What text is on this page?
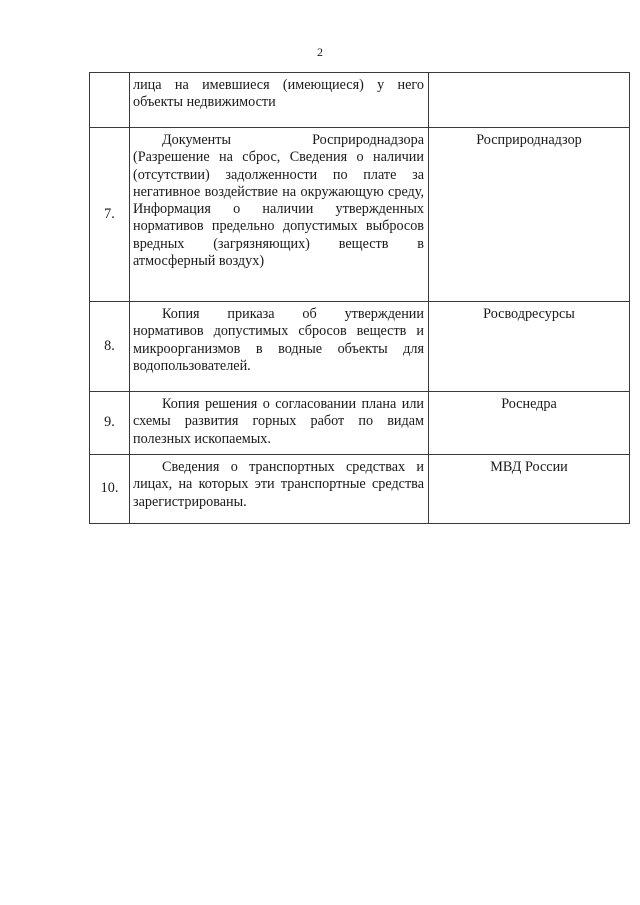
2

	лица на имевшиеся (имеющиеся) у него объекты недвижимости	

7.	Документы Росприроднадзора (Разрешение на сброс, Сведения о наличии (отсутствии) задолженности по плате за негативное воздействие на окружающую среду, Информация о наличии утвержденных нормативов предельно допустимых выбросов вредных (загрязняющих) веществ в атмосферный воздух)	Росприроднадзор
8.	Копия приказа об утверждении нормативов допустимых сбросов веществ и микроорганизмов в водные объекты для водопользователей.	Росводресурсы
9.	Копия решения о согласовании плана или схемы развития горных работ по видам полезных ископаемых.	Роснедра
10.	Сведения о транспортных средствах и лицах, на которых эти транспортные средства зарегистрированы.	МВД России
